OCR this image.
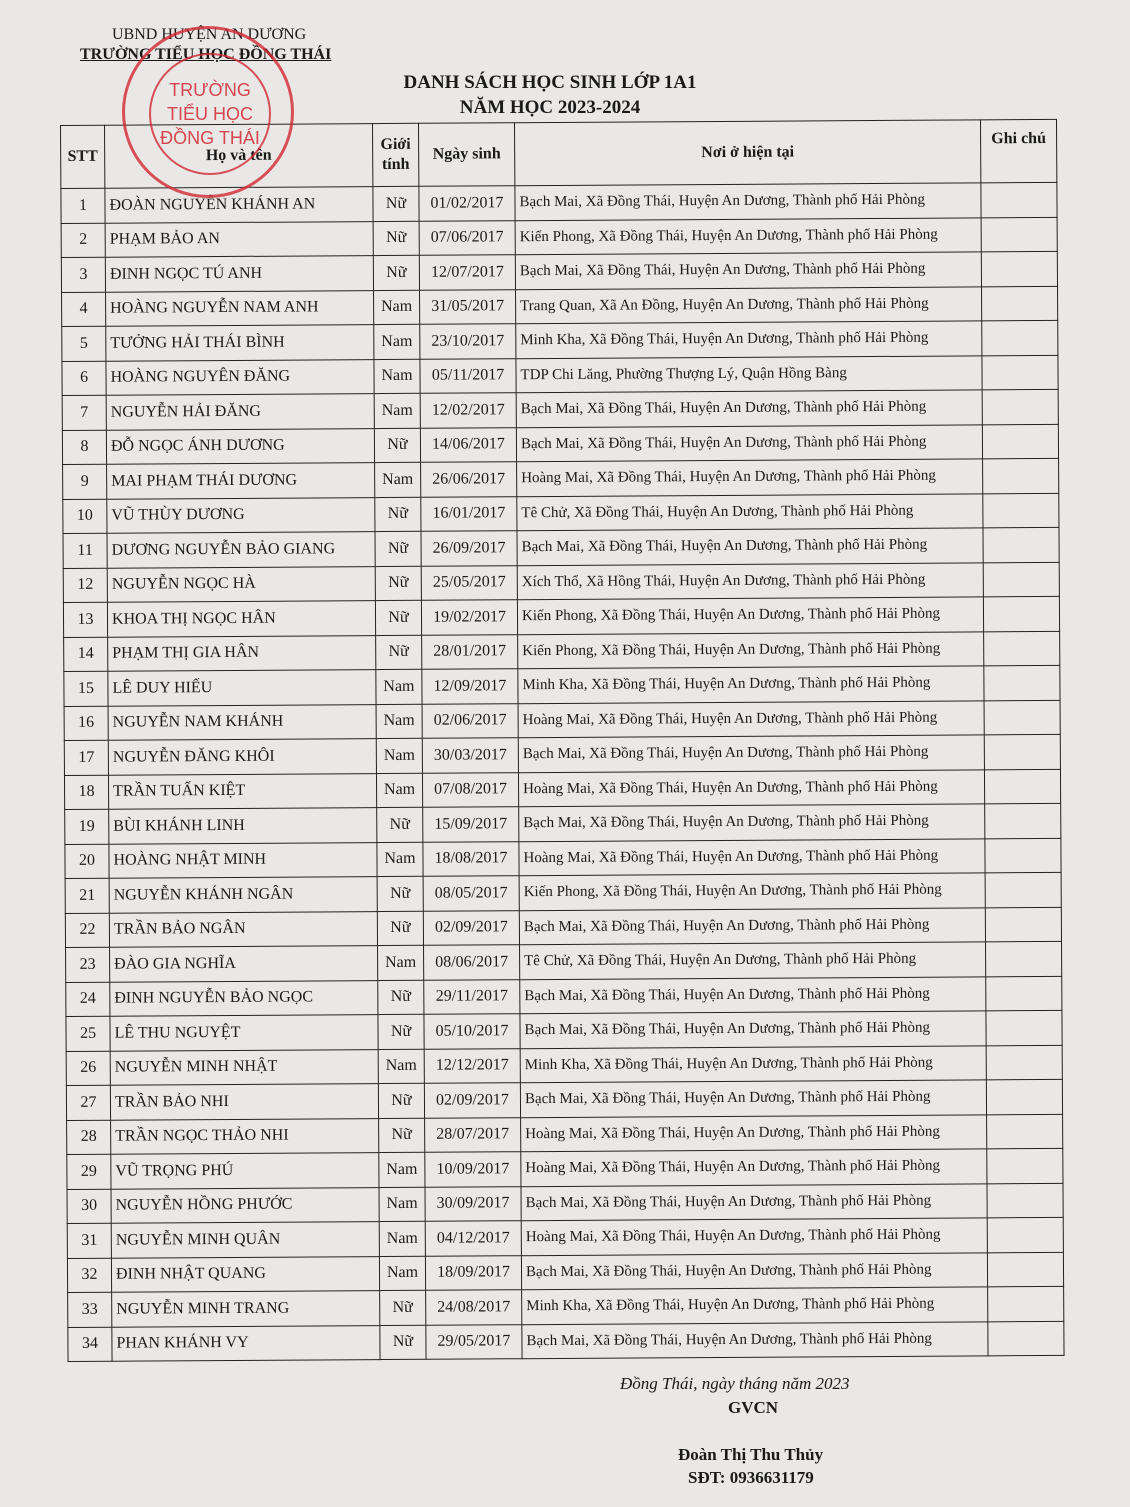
UBND HUYỆN AN DƯƠNG
TRƯỜNG TIỂU HỌC ĐỒNG THÁI
DANH SÁCH HỌC SINH LỚP 1A1
NĂM HỌC 2023-2024
STT	Họ và tên	Giới tính	Ngày sinh	Nơi ở hiện tại	Ghi chú
1	ĐOÀN NGUYỄN KHÁNH AN	Nữ	01/02/2017	Bạch Mai, Xã Đồng Thái, Huyện An Dương, Thành phố Hải Phòng	
2	PHẠM BẢO AN	Nữ	07/06/2017	Kiến Phong, Xã Đồng Thái, Huyện An Dương, Thành phố Hải Phòng	
3	ĐINH NGỌC TÚ ANH	Nữ	12/07/2017	Bạch Mai, Xã Đồng Thái, Huyện An Dương, Thành phố Hải Phòng	
4	HOÀNG NGUYỄN NAM ANH	Nam	31/05/2017	Trang Quan, Xã An Đồng, Huyện An Dương, Thành phố Hải Phòng	
5	TƯỞNG HẢI THÁI BÌNH	Nam	23/10/2017	Minh Kha, Xã Đồng Thái, Huyện An Dương, Thành phố Hải Phòng	
6	HOÀNG NGUYÊN ĐĂNG	Nam	05/11/2017	TDP Chi Lăng, Phường Thượng Lý, Quận Hồng Bàng	
7	NGUYỄN HẢI ĐĂNG	Nam	12/02/2017	Bạch Mai, Xã Đồng Thái, Huyện An Dương, Thành phố Hải Phòng	
8	ĐỖ NGỌC ÁNH DƯƠNG	Nữ	14/06/2017	Bạch Mai, Xã Đồng Thái, Huyện An Dương, Thành phố Hải Phòng	
9	MAI PHẠM THÁI DƯƠNG	Nam	26/06/2017	Hoàng Mai, Xã Đồng Thái, Huyện An Dương, Thành phố Hải Phòng	
10	VŨ THÙY DƯƠNG	Nữ	16/01/2017	Tê Chử, Xã Đồng Thái, Huyện An Dương, Thành phố Hải Phòng	
11	DƯƠNG NGUYỄN BẢO GIANG	Nữ	26/09/2017	Bạch Mai, Xã Đồng Thái, Huyện An Dương, Thành phố Hải Phòng	
12	NGUYỄN NGỌC HÀ	Nữ	25/05/2017	Xích Thổ, Xã Hồng Thái, Huyện An Dương, Thành phố Hải Phòng	
13	KHOA THỊ NGỌC HÂN	Nữ	19/02/2017	Kiến Phong, Xã Đồng Thái, Huyện An Dương, Thành phố Hải Phòng	
14	PHẠM THỊ GIA HÂN	Nữ	28/01/2017	Kiến Phong, Xã Đồng Thái, Huyện An Dương, Thành phố Hải Phòng	
15	LÊ DUY HIẾU	Nam	12/09/2017	Minh Kha, Xã Đồng Thái, Huyện An Dương, Thành phố Hải Phòng	
16	NGUYỄN NAM KHÁNH	Nam	02/06/2017	Hoàng Mai, Xã Đồng Thái, Huyện An Dương, Thành phố Hải Phòng	
17	NGUYỄN ĐĂNG KHÔI	Nam	30/03/2017	Bạch Mai, Xã Đồng Thái, Huyện An Dương, Thành phố Hải Phòng	
18	TRẦN TUẤN KIỆT	Nam	07/08/2017	Hoàng Mai, Xã Đồng Thái, Huyện An Dương, Thành phố Hải Phòng	
19	BÙI KHÁNH LINH	Nữ	15/09/2017	Bạch Mai, Xã Đồng Thái, Huyện An Dương, Thành phố Hải Phòng	
20	HOÀNG NHẬT MINH	Nam	18/08/2017	Hoàng Mai, Xã Đồng Thái, Huyện An Dương, Thành phố Hải Phòng	
21	NGUYỄN KHÁNH NGÂN	Nữ	08/05/2017	Kiến Phong, Xã Đồng Thái, Huyện An Dương, Thành phố Hải Phòng	
22	TRẦN BẢO NGÂN	Nữ	02/09/2017	Bạch Mai, Xã Đồng Thái, Huyện An Dương, Thành phố Hải Phòng	
23	ĐÀO GIA NGHĨA	Nam	08/06/2017	Tê Chử, Xã Đồng Thái, Huyện An Dương, Thành phố Hải Phòng	
24	ĐINH NGUYỄN BẢO NGỌC	Nữ	29/11/2017	Bạch Mai, Xã Đồng Thái, Huyện An Dương, Thành phố Hải Phòng	
25	LÊ THU NGUYỆT	Nữ	05/10/2017	Bạch Mai, Xã Đồng Thái, Huyện An Dương, Thành phố Hải Phòng	
26	NGUYỄN MINH NHẬT	Nam	12/12/2017	Minh Kha, Xã Đồng Thái, Huyện An Dương, Thành phố Hải Phòng	
27	TRẦN BẢO NHI	Nữ	02/09/2017	Bạch Mai, Xã Đồng Thái, Huyện An Dương, Thành phố Hải Phòng	
28	TRẦN NGỌC THẢO NHI	Nữ	28/07/2017	Hoàng Mai, Xã Đồng Thái, Huyện An Dương, Thành phố Hải Phòng	
29	VŨ TRỌNG PHÚ	Nam	10/09/2017	Hoàng Mai, Xã Đồng Thái, Huyện An Dương, Thành phố Hải Phòng	
30	NGUYỄN HỒNG PHƯỚC	Nam	30/09/2017	Bạch Mai, Xã Đồng Thái, Huyện An Dương, Thành phố Hải Phòng	
31	NGUYỄN MINH QUÂN	Nam	04/12/2017	Hoàng Mai, Xã Đồng Thái, Huyện An Dương, Thành phố Hải Phòng	
32	ĐINH NHẬT QUANG	Nam	18/09/2017	Bạch Mai, Xã Đồng Thái, Huyện An Dương, Thành phố Hải Phòng	
33	NGUYỄN MINH TRANG	Nữ	24/08/2017	Minh Kha, Xã Đồng Thái, Huyện An Dương, Thành phố Hải Phòng	
34	PHAN KHÁNH VY	Nữ	29/05/2017	Bạch Mai, Xã Đồng Thái, Huyện An Dương, Thành phố Hải Phòng	
TRƯỜNG
TIỂU HỌC
ĐỒNG THÁI
Đồng Thái, ngày tháng năm 2023
GVCN
Đoàn Thị Thu Thủy
SĐT: 0936631179
